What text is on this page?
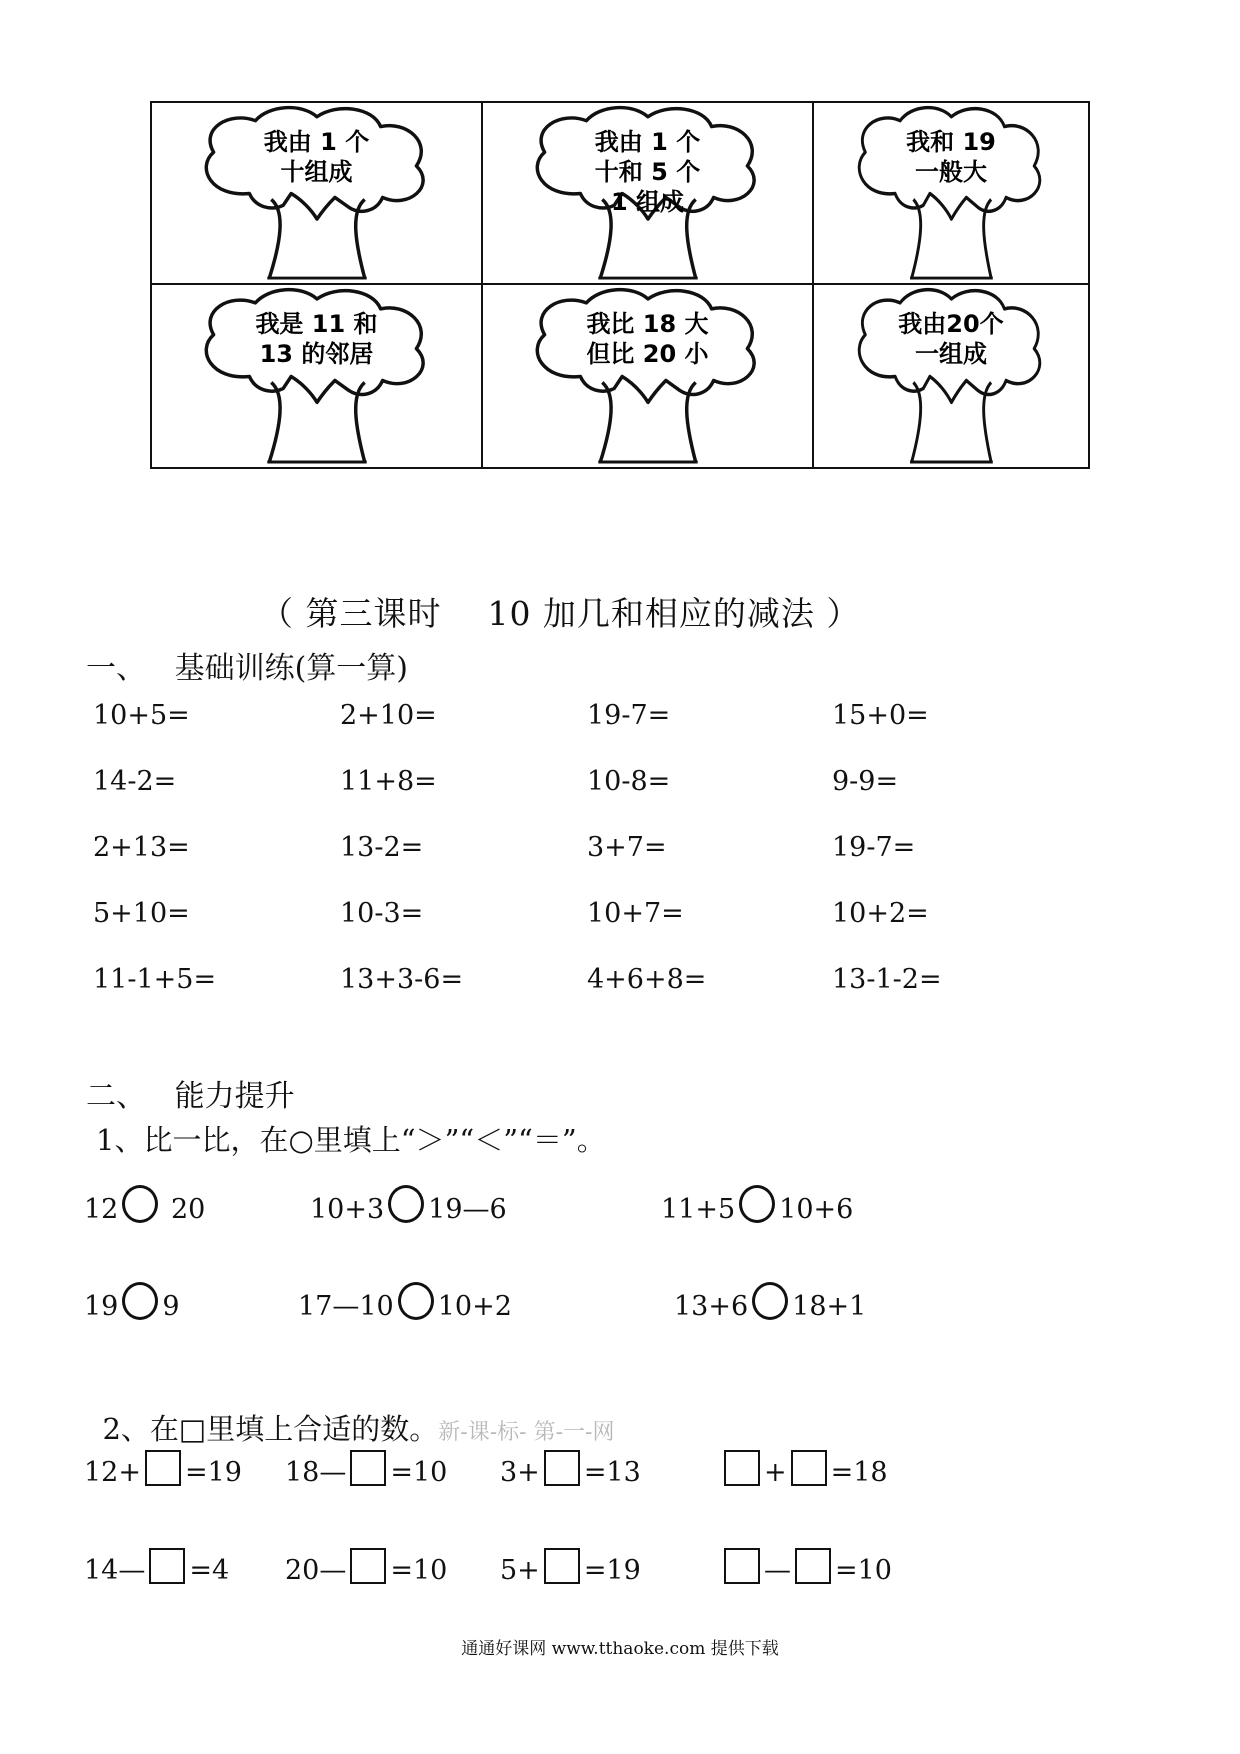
我由 1 个
十组成
我由 1 个
十和 5 个
1 组成
我和 19
一般大
我是 11 和
13 的邻居
我比 18 大
但比 20 小
我由20个
一组成
（ 第三课时    10 加几和相应的减法 ）
一、   基础训练(算一算)
10+5=	2+10=	19-7=	15+0=
14-2=	11+8=	10-8=	9-9=
2+13=	13-2=	3+7=	19-7=
5+10=	10-3=	10+7=	10+2=
11-1+5=	13+3-6=	4+6+8=	13-1-2=
二、   能力提升
1、比一比，在○里填上“＞”“＜”“＝”。
12 20	10+3 19—6	11+5 10+6
19 9	17—10 10+2	13+6 18+1

2、在□里填上合适的数。新-课-标- 第-一-网

12+ =19 18— =10 3+ =13	+ =18
14— =4 20— =10 5+ =19	— =10
通通好课网 www.tthaoke.com 提供下载
